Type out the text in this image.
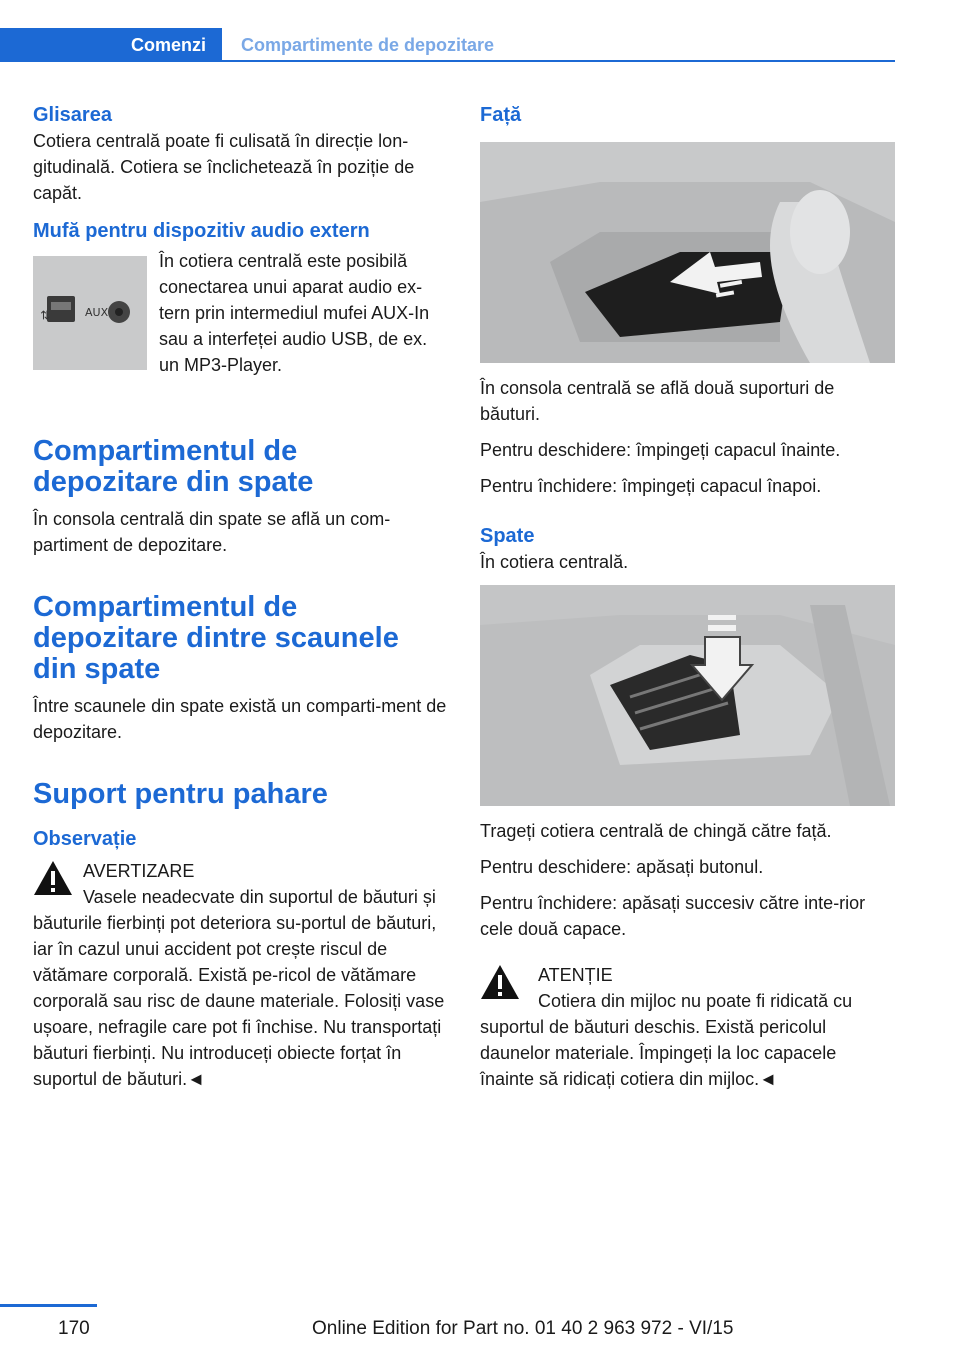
Comenzi	Compartimente de depozitare
Glisarea

Cotiera centrală poate fi culisată în direcție lon-gitudinală. Cotiera se înclichetează în poziție de capăt.

Mufă pentru dispozitiv audio extern
⇄	AUX

În cotiera centrală este posibilă conectarea unui aparat audio ex-tern prin intermediul mufei AUX-In sau a interfeței audio USB, de ex. un MP3-Player.

Compartimentul de depozitare din spate

În consola centrală din spate se află un com-partiment de depozitare.

Compartimentul de depozitare dintre scaunele din spate

Între scaunele din spate există un comparti-ment de depozitare.

Suport pentru pahare
Observație

AVERTIZARE

Vasele neadecvate din suportul de băuturi și băuturile fierbinți pot deteriora su-portul de băuturi, iar în cazul unui accident pot crește riscul de vătămare corporală. Există pe-ricol de vătămare corporală sau risc de daune materiale. Folosiți vase ușoare, nefragile care pot fi închise. Nu transportați băuturi fierbinți. Nu introduceți obiecte forțat în suportul de băuturi.◄

Față

În consola centrală se află două suporturi de băuturi.

Pentru deschidere: împingeți capacul înainte.

Pentru închidere: împingeți capacul înapoi.

Spate

În cotiera centrală.

Trageți cotiera centrală de chingă către față.

Pentru deschidere: apăsați butonul.

Pentru închidere: apăsați succesiv către inte-rior cele două capace.

ATENȚIE

Cotiera din mijloc nu poate fi ridicată cu suportul de băuturi deschis. Există pericolul daunelor materiale. Împingeți la loc capacele înainte să ridicați cotiera din mijloc.◄

170	Online Edition for Part no. 01 40 2 963 972 - VI/15
